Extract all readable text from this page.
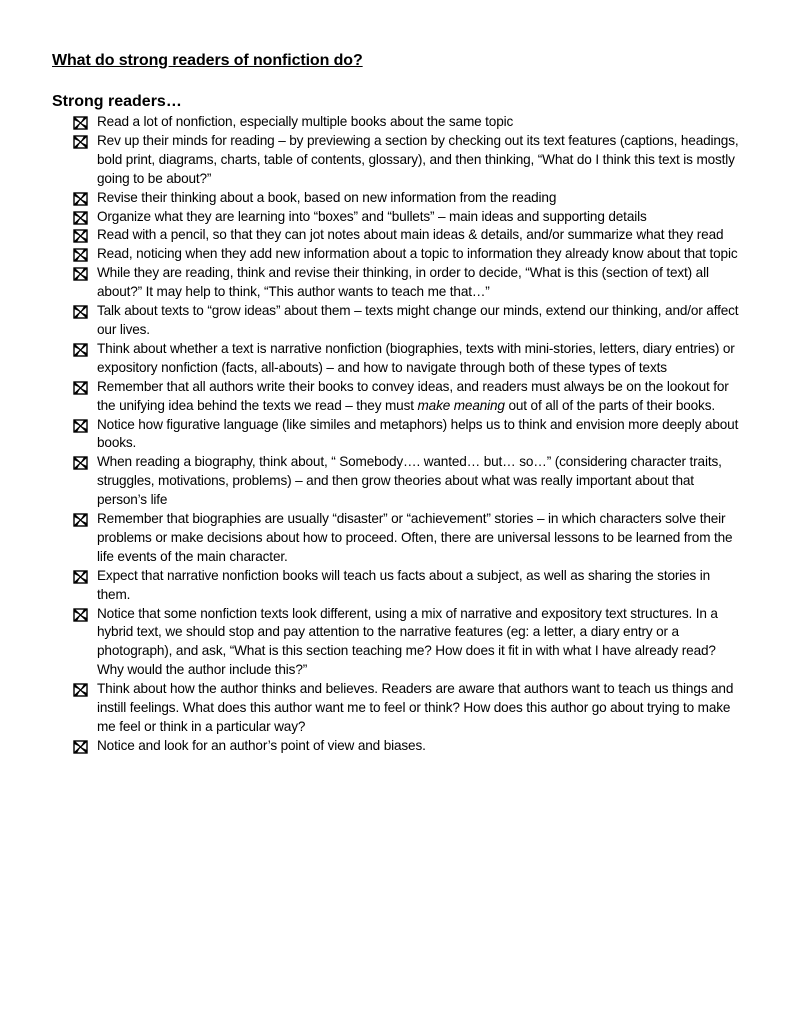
What do strong readers of nonfiction do?
Strong readers…
Read a lot of nonfiction, especially multiple books about the same topic
Rev up their minds for reading – by previewing a section by checking out its text features (captions, headings, bold print, diagrams, charts, table of contents, glossary), and then thinking, “What do I think this text is mostly going to be about?”
Revise their thinking about a book, based on new information from the reading
Organize what they are learning into “boxes” and “bullets” – main ideas and supporting details
Read with a pencil, so that they can jot notes about main ideas & details, and/or summarize what they read
Read, noticing when they add new information about a topic to information they already know about that topic
While they are reading, think and revise their thinking, in order to decide, “What is this (section of text) all about?” It may help to think, “This author wants to teach me that…”
Talk about texts to “grow ideas” about them – texts might change our minds, extend our thinking, and/or affect our lives.
Think about whether a text is narrative nonfiction (biographies, texts with mini-stories, letters, diary entries) or expository nonfiction (facts, all-abouts) – and how to navigate through both of these types of texts
Remember that all authors write their books to convey ideas, and readers must always be on the lookout for the unifying idea behind the texts we read – they must make meaning out of all of the parts of their books.
Notice how figurative language (like similes and metaphors) helps us to think and envision more deeply about books.
When reading a biography, think about, “ Somebody…. wanted… but… so…” (considering character traits, struggles, motivations, problems) – and then grow theories about what was really important about that person’s life
Remember that biographies are usually “disaster” or “achievement” stories – in which characters solve their problems or make decisions about how to proceed. Often, there are universal lessons to be learned from the life events of the main character.
Expect that narrative nonfiction books will teach us facts about a subject, as well as sharing the stories in them.
Notice that some nonfiction texts look different, using a mix of narrative and expository text structures. In a hybrid text, we should stop and pay attention to the narrative features (eg: a letter, a diary entry or a photograph), and ask, “What is this section teaching me? How does it fit in with what I have already read? Why would the author include this?”
Think about how the author thinks and believes. Readers are aware that authors want to teach us things and instill feelings. What does this author want me to feel or think? How does this author go about trying to make me feel or think in a particular way?
Notice and look for an author’s point of view and biases.
